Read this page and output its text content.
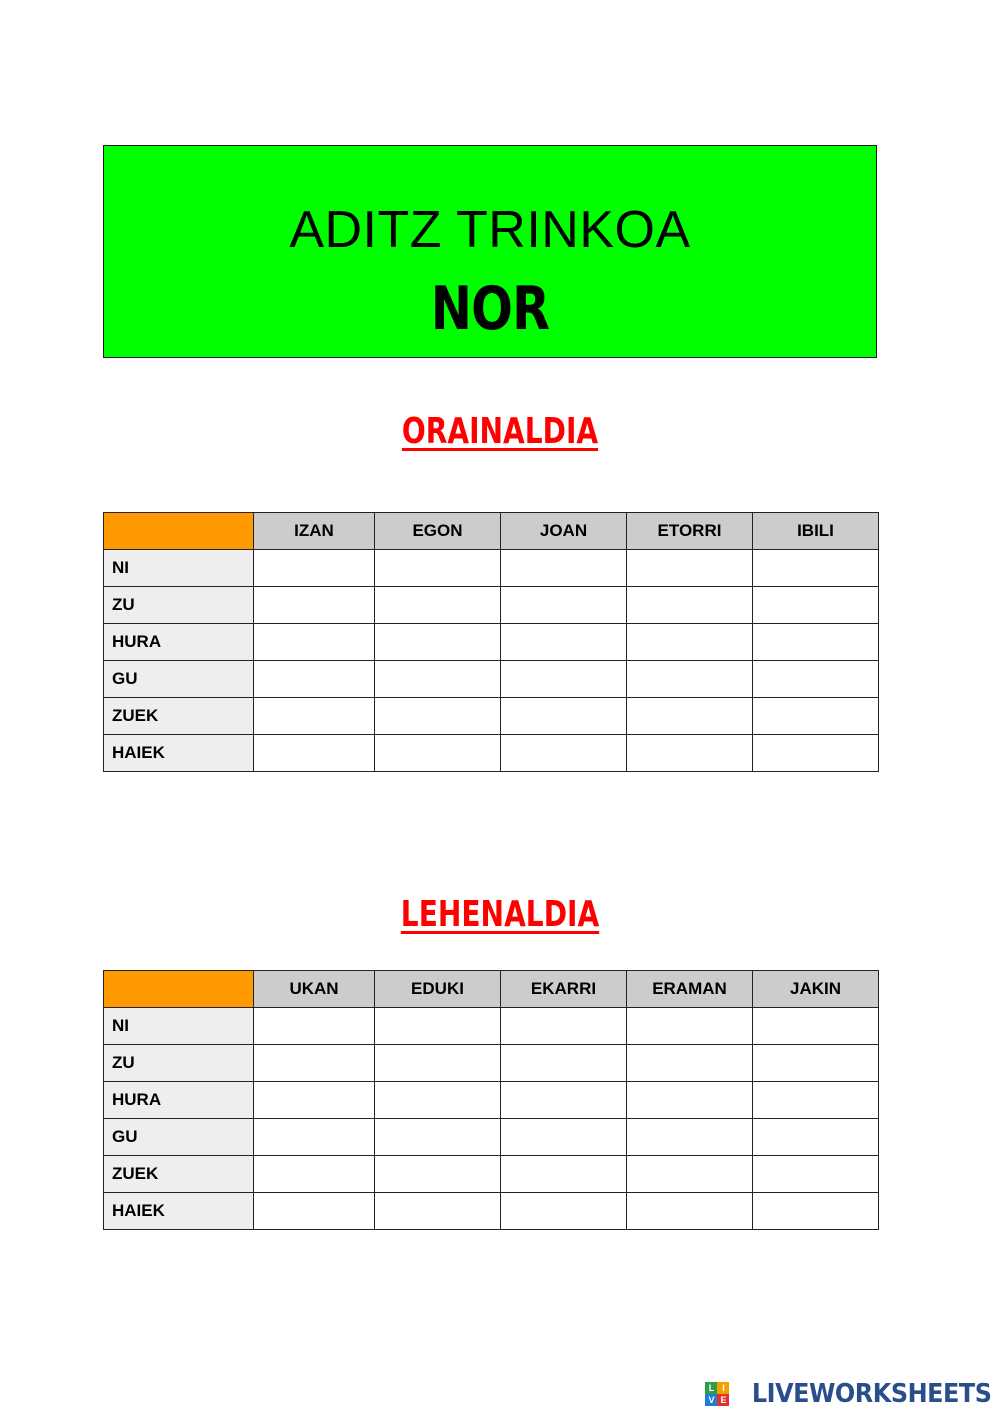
ADITZ TRINKOA
NOR
ORAINALDIA
	IZAN	EGON	JOAN	ETORRI	IBILI
NI					
ZU					
HURA					
GU					
ZUEK					
HAIEK					
LEHENALDIA
	UKAN	EDUKI	EKARRI	ERAMAN	JAKIN
NI					
ZU					
HURA					
GU					
ZUEK					
HAIEK					
L I
V E LIVEWORKSHEETS
